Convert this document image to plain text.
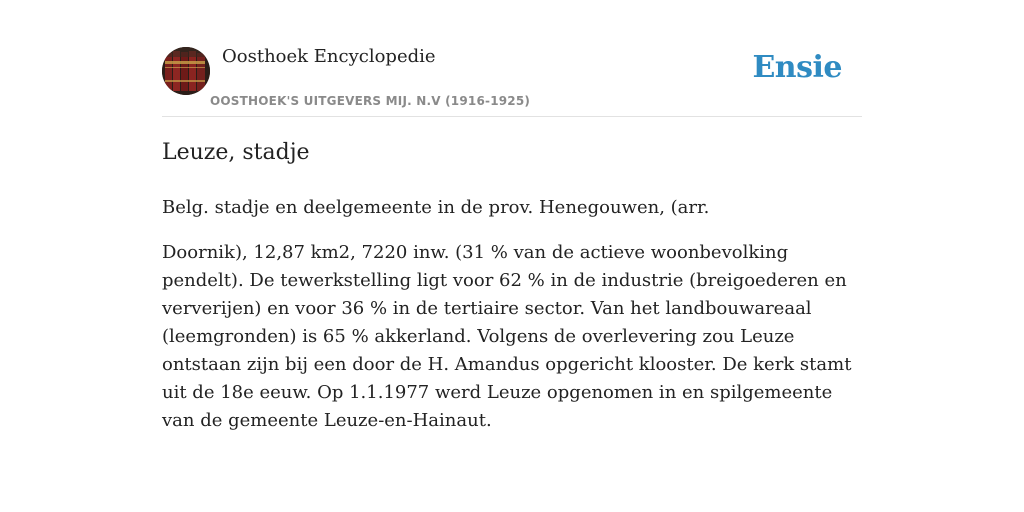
Oosthoek Encyclopedie
OOSTHOEK'S UITGEVERS MIJ. N.V (1916-1925)
Ensie
Leuze, stadje

Belg. stadje en deelgemeente in de prov. Henegouwen, (arr.

Doornik), 12,87 km2, 7220 inw. (31 % van de actieve woonbevolking pendelt). De tewerkstelling ligt voor 62 % in de industrie (breigoederen en ververijen) en voor 36 % in de tertiaire sector. Van het landbouwareaal (leemgronden) is 65 % akkerland. Volgens de overlevering zou Leuze ontstaan zijn bij een door de H. Amandus opgericht klooster. De kerk stamt uit de 18e eeuw. Op 1.1.1977 werd Leuze opgenomen in en spilgemeente van de gemeente Leuze-en-Hainaut.
